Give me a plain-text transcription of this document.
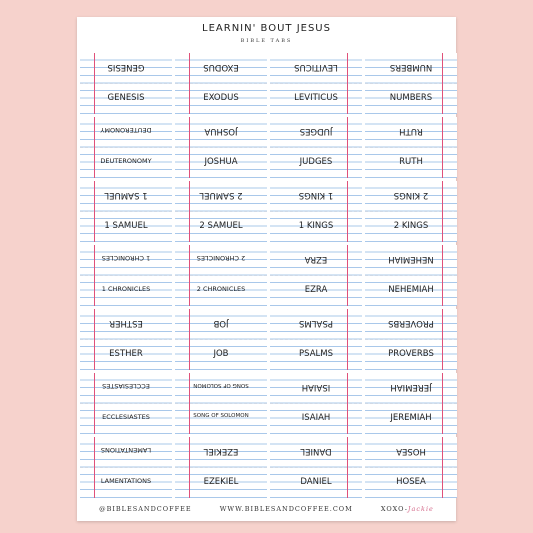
LEARNIN' BOUT JESUS
BIBLE TABS
GENESIS
GENESIS
EXODUS
EXODUS
LEVITICUS
LEVITICUS
NUMBERS
NUMBERS
DEUTERONOMY
DEUTERONOMY
JOSHUA
JOSHUA
JUDGES
JUDGES
RUTH
RUTH
1 SAMUEL
1 SAMUEL
2 SAMUEL
2 SAMUEL
1 KINGS
1 KINGS
2 KINGS
2 KINGS
1 CHRONICLES
1 CHRONICLES
2 CHRONICLES
2 CHRONICLES
EZRA
EZRA
NEHEMIAH
NEHEMIAH
ESTHER
ESTHER
JOB
JOB
PSALMS
PSALMS
PROVERBS
PROVERBS
ECCLESIASTES
ECCLESIASTES
SONG OF SOLOMON
SONG OF SOLOMON
ISAIAH
ISAIAH
JEREMIAH
JEREMIAH
LAMENTATIONS
LAMENTATIONS
EZEKIEL
EZEKIEL
DANIEL
DANIEL
HOSEA
HOSEA
@BIBLESANDCOFFEE	WWW.BIBLESANDCOFFEE.COM	XOXO-Jackie
